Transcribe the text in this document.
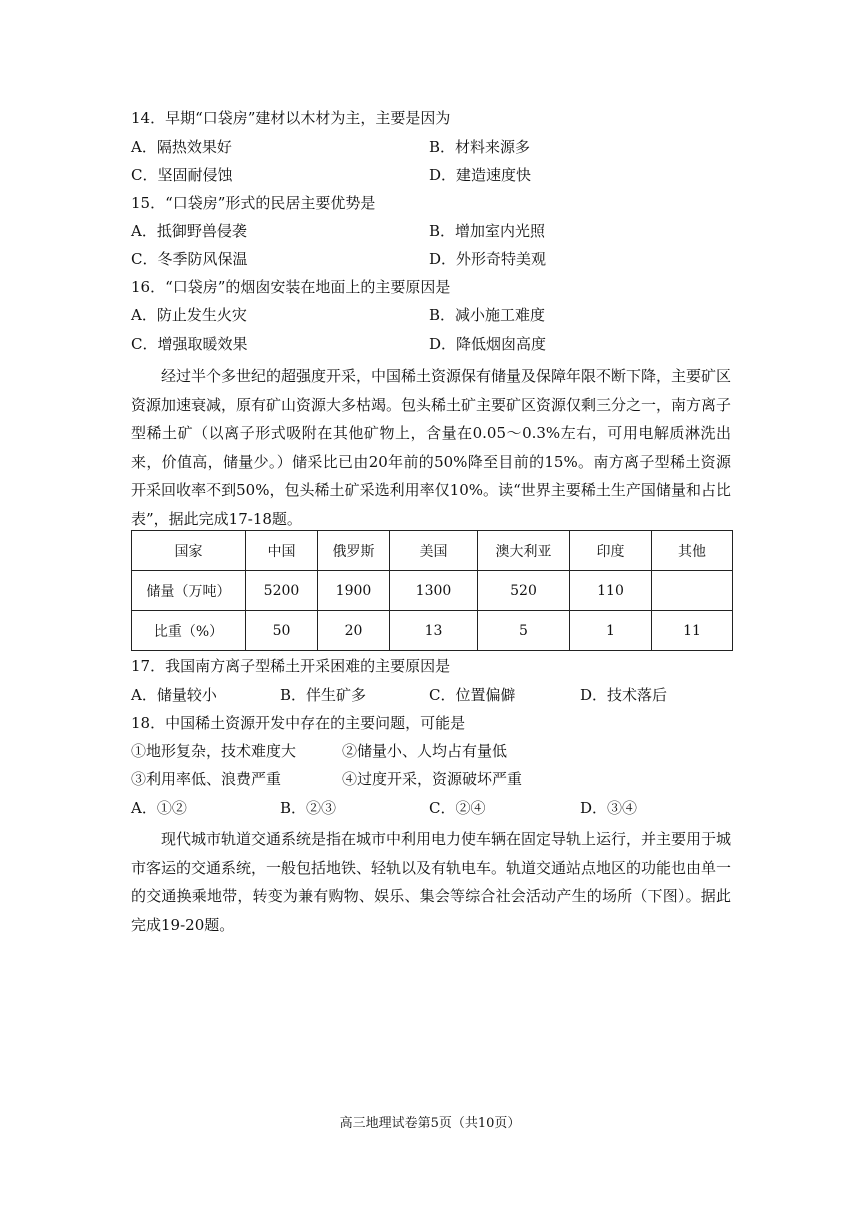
14．早期“口袋房”建材以木材为主，主要是因为
A．隔热效果好	B．材料来源多
C．坚固耐侵蚀	D．建造速度快
15．“口袋房”形式的民居主要优势是
A．抵御野兽侵袭	B．增加室内光照
C．冬季防风保温	D．外形奇特美观
16．“口袋房”的烟囱安装在地面上的主要原因是
A．防止发生火灾	B．减小施工难度
C．增强取暖效果	D．降低烟囱高度
经过半个多世纪的超强度开采，中国稀土资源保有储量及保障年限不断下降，主要矿区资源加速衰减，原有矿山资源大多枯竭。包头稀土矿主要矿区资源仅剩三分之一，南方离子型稀土矿（以离子形式吸附在其他矿物上，含量在0.05～0.3%左右，可用电解质淋洗出来，价值高，储量少。）储采比已由20年前的50%降至目前的15%。南方离子型稀土资源开采回收率不到50%，包头稀土矿采选利用率仅10%。读“世界主要稀土生产国储量和占比表”，据此完成17-18题。
国家	中国	俄罗斯	美国	澳大利亚	印度	其他
储量（万吨）	5200	1900	1300	520	110	
比重（%）	50	20	13	5	1	11
17．我国南方离子型稀土开采困难的主要原因是
A．储量较小	B．伴生矿多	C．位置偏僻	D．技术落后
18．中国稀土资源开发中存在的主要问题，可能是
①地形复杂，技术难度大	②储量小、人均占有量低
③利用率低、浪费严重	④过度开采，资源破坏严重
A．①②	B．②③	C．②④	D．③④
现代城市轨道交通系统是指在城市中利用电力使车辆在固定导轨上运行，并主要用于城市客运的交通系统，一般包括地铁、轻轨以及有轨电车。轨道交通站点地区的功能也由单一的交通换乘地带，转变为兼有购物、娱乐、集会等综合社会活动产生的场所（下图）。据此完成19-20题。
高三地理试卷第5页（共10页）
